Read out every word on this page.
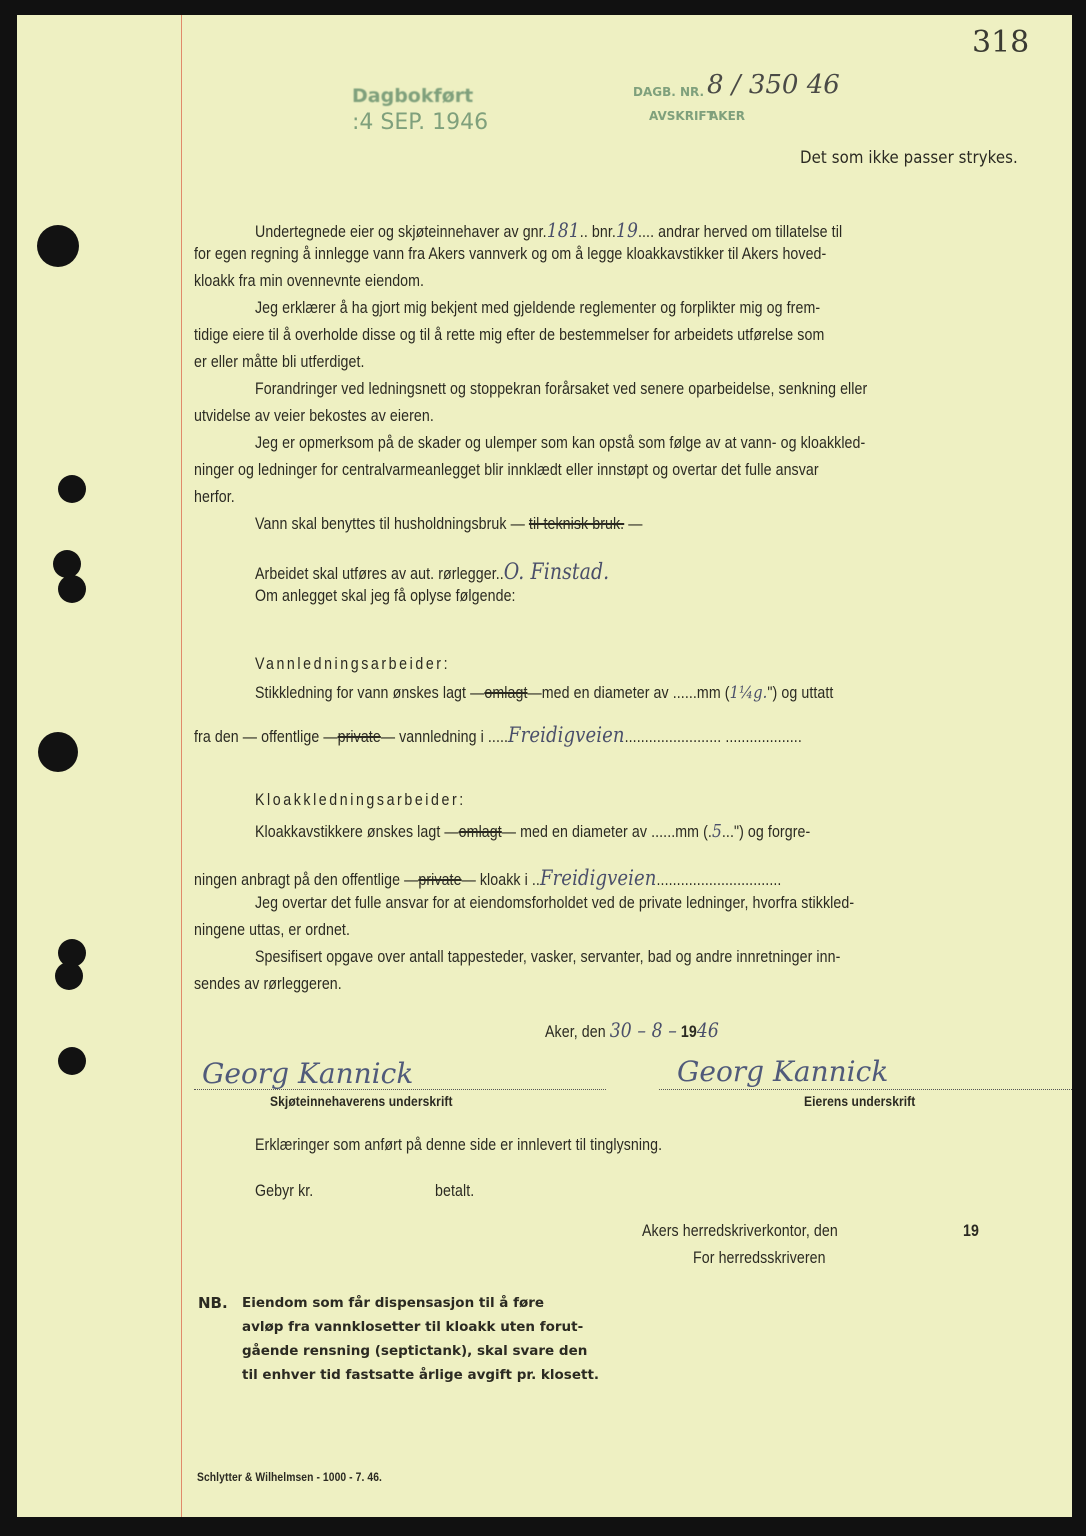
Dagbokført
:4 SEP. 1946
DAGB. NR. 8 / 350 46
AVSKRIFT
AKER
318
Det som ikke passer strykes.
Undertegnede eier og skjøteinnehaver av gnr.181.. bnr.19.... andrar herved om tillatelse til
for egen regning å innlegge vann fra Akers vannverk og om å legge kloakkavstikker til Akers hoved-
kloakk fra min ovennevnte eiendom.
Jeg erklærer å ha gjort mig bekjent med gjeldende reglementer og forplikter mig og frem-
tidige eiere til å overholde disse og til å rette mig efter de bestemmelser for arbeidets utførelse som
er eller måtte bli utferdiget.
Forandringer ved ledningsnett og stoppekran forårsaket ved senere oparbeidelse, senkning eller
utvidelse av veier bekostes av eieren.
Jeg er opmerksom på de skader og ulemper som kan opstå som følge av at vann- og kloakkled-
ninger og ledninger for centralvarmeanlegget blir innklædt eller innstøpt og overtar det fulle ansvar
herfor.
Vann skal benyttes til husholdningsbruk — til teknisk bruk. —
Arbeidet skal utføres av aut. rørlegger..O. Finstad.
Om anlegget skal jeg få oplyse følgende:
Vannledningsarbeider:
Stikkledning for vann ønskes lagt —omlagt—med en diameter av ......mm (1¼g.") og uttatt
fra den — offentlige —private— vannledning i .....Freidigveien........................ ...................
Kloakkledningsarbeider:
Kloakkavstikkere ønskes lagt —omlagt— med en diameter av ......mm (.5...") og forgre-
ningen anbragt på den offentlige —private— kloakk i ..Freidigveien...............................
Jeg overtar det fulle ansvar for at eiendomsforholdet ved de private ledninger, hvorfra stikkled-
ningene uttas, er ordnet.
Spesifisert opgave over antall tappesteder, vasker, servanter, bad og andre innretninger inn-
sendes av rørleggeren.
Aker, den 30 – 8 – 1946
Georg Kannick
Skjøteinnehaverens underskrift
Georg Kannick
Eierens underskrift
Erklæringer som anført på denne side er innlevert til tinglysning.
Gebyr kr.	betalt.
Akers herredskriverkontor, den	19
For herredsskriveren
NB. Eiendom som får dispensasjon til å føre
avløp fra vannklosetter til kloakk uten forut-
gående rensning (septictank), skal svare den
til enhver tid fastsatte årlige avgift pr. klosett.
Schlytter & Wilhelmsen - 1000 - 7. 46.
